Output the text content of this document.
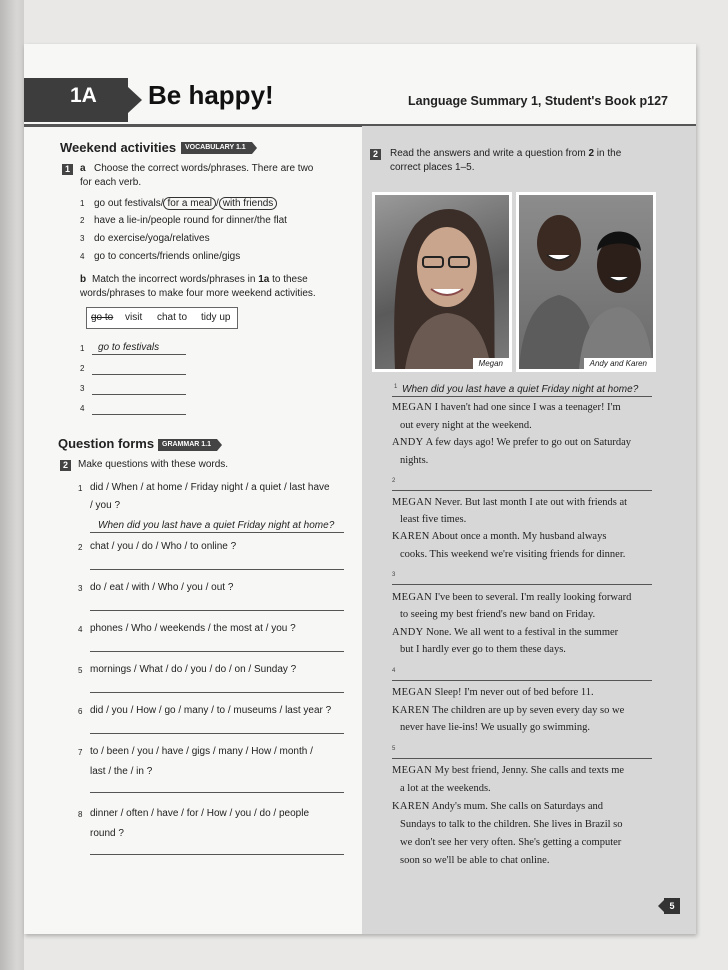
1A Be happy!	Language Summary 1, Student's Book p127
Weekend activities	VOCABULARY 1.1
1	a Choose the correct words/phrases. There are two
for each verb.
1 go out festivals/ for a meal / with friends
2 have a lie-in/people round for dinner/the flat
3 do exercise/yoga/relatives
4 go to concerts/friends online/gigs
b Match the incorrect words/phrases in 1a to these
words/phrases to make four more weekend activities.
go to visit chat to tidy up
1 go to festivals
2
3
4
Question forms	GRAMMAR 1.1
2	Make questions with these words.
1 did / When / at home / Friday night / a quiet / last have
/ you ?
When did you last have a quiet Friday night at home?
2 chat / you / do / Who / to online ?
3 do / eat / with / Who / you / out ?
4 phones / Who / weekends / the most at / you ?
5 mornings / What / do / you / do / on / Sunday ?
6 did / you / How / go / many / to / museums / last year ?
7 to / been / you / have / gigs / many / How / month /
last / the / in ?
8 dinner / often / have / for / How / you / do / people
round ?
2	Read the answers and write a question from 2 in the
correct places 1–5.
Megan	Andy and Karen
1 When did you last have a quiet Friday night at home?
MEGAN I haven't had one since I was a teenager! I'm
out every night at the weekend.
ANDY A few days ago! We prefer to go out on Saturday
nights.
2
MEGAN Never. But last month I ate out with friends at
least five times.
KAREN About once a month. My husband always
cooks. This weekend we're visiting friends for dinner.
3
MEGAN I've been to several. I'm really looking forward
to seeing my best friend's new band on Friday.
ANDY None. We all went to a festival in the summer
but I hardly ever go to them these days.
4
MEGAN Sleep! I'm never out of bed before 11.
KAREN The children are up by seven every day so we
never have lie-ins! We usually go swimming.
5
MEGAN My best friend, Jenny. She calls and texts me
a lot at the weekends.
KAREN Andy's mum. She calls on Saturdays and
Sundays to talk to the children. She lives in Brazil so
we don't see her very often. She's getting a computer
soon so we'll be able to chat online.
5
